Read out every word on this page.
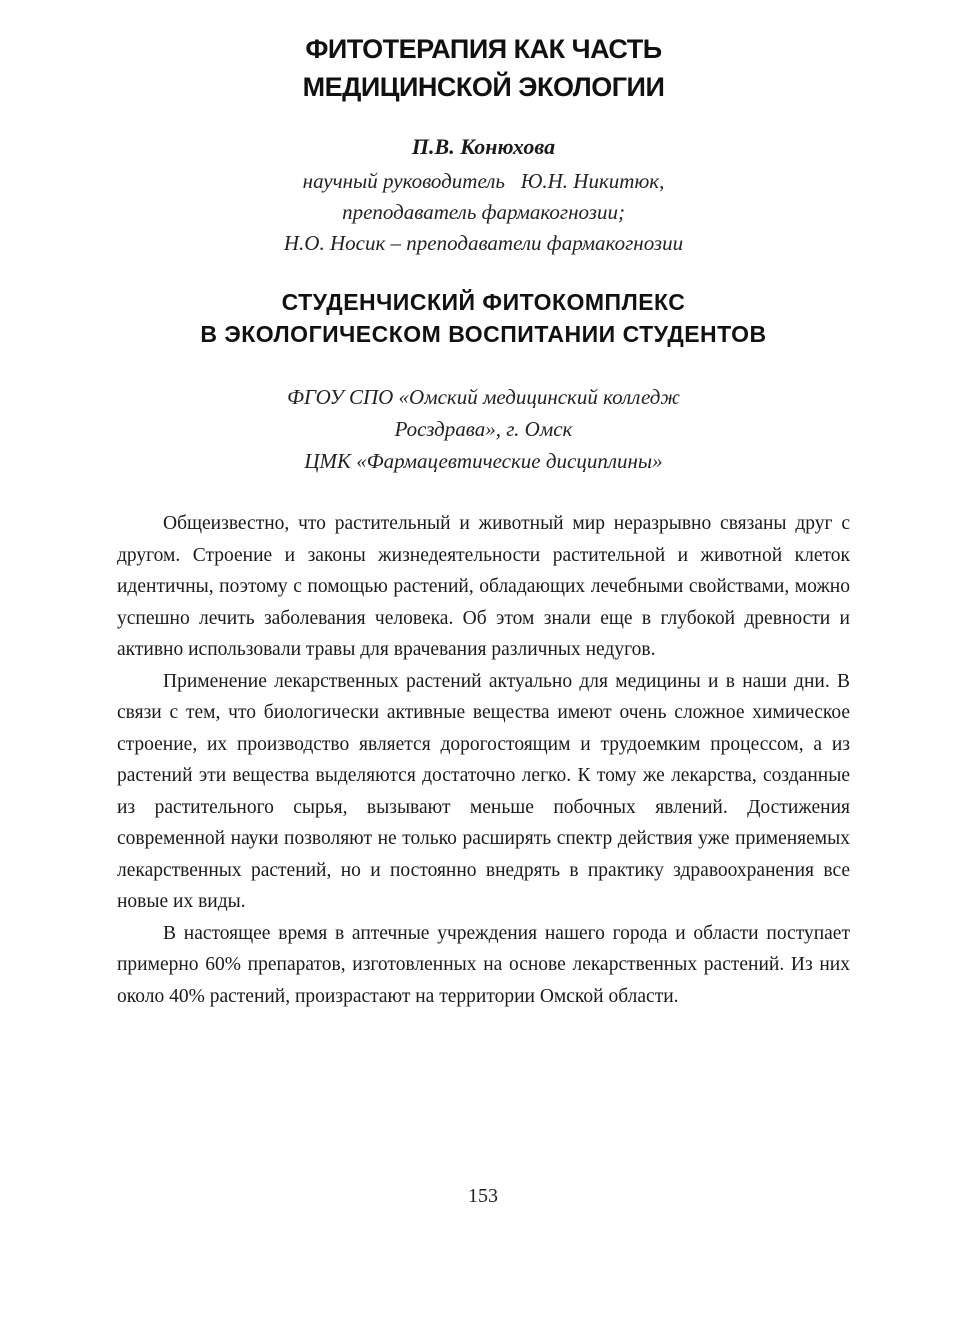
ФИТОТЕРАПИЯ КАК ЧАСТЬ
МЕДИЦИНСКОЙ ЭКОЛОГИИ
П.В. Конюхова
научный руководитель   Ю.Н. Никитюк,
преподаватель фармакогнозии;
Н.О. Носик – преподаватели фармакогнозии
СТУДЕНЧИСКИЙ ФИТОКОМПЛЕКС
В ЭКОЛОГИЧЕСКОМ ВОСПИТАНИИ СТУДЕНТОВ
ФГОУ СПО «Омский медицинский колледж
Росздрава», г. Омск
ЦМК «Фармацевтические дисциплины»

Общеизвестно, что растительный и животный мир неразрывно связаны друг с другом. Строение и законы жизнедеятельности растительной и животной клеток идентичны, поэтому с помощью растений, обладающих лечебными свойствами, можно успешно лечить заболевания человека. Об этом знали еще в глубокой древности и активно использовали травы для врачевания различных недугов.

Применение лекарственных растений актуально для медицины и в наши дни. В связи с тем, что биологически активные вещества имеют очень сложное химическое строение, их производство является дорогостоящим и трудоемким процессом, а из растений эти вещества выделяются достаточно легко. К тому же лекарства, созданные из растительного сырья, вызывают меньше побочных явлений. Достижения современной науки позволяют не только расширять спектр действия уже применяемых лекарственных растений, но и постоянно внедрять в практику здравоохранения все новые их виды.

В настоящее время в аптечные учреждения нашего города и области поступает примерно 60% препаратов, изготовленных на основе лекарственных растений. Из них около 40% растений, произрастают на территории Омской области.

153
